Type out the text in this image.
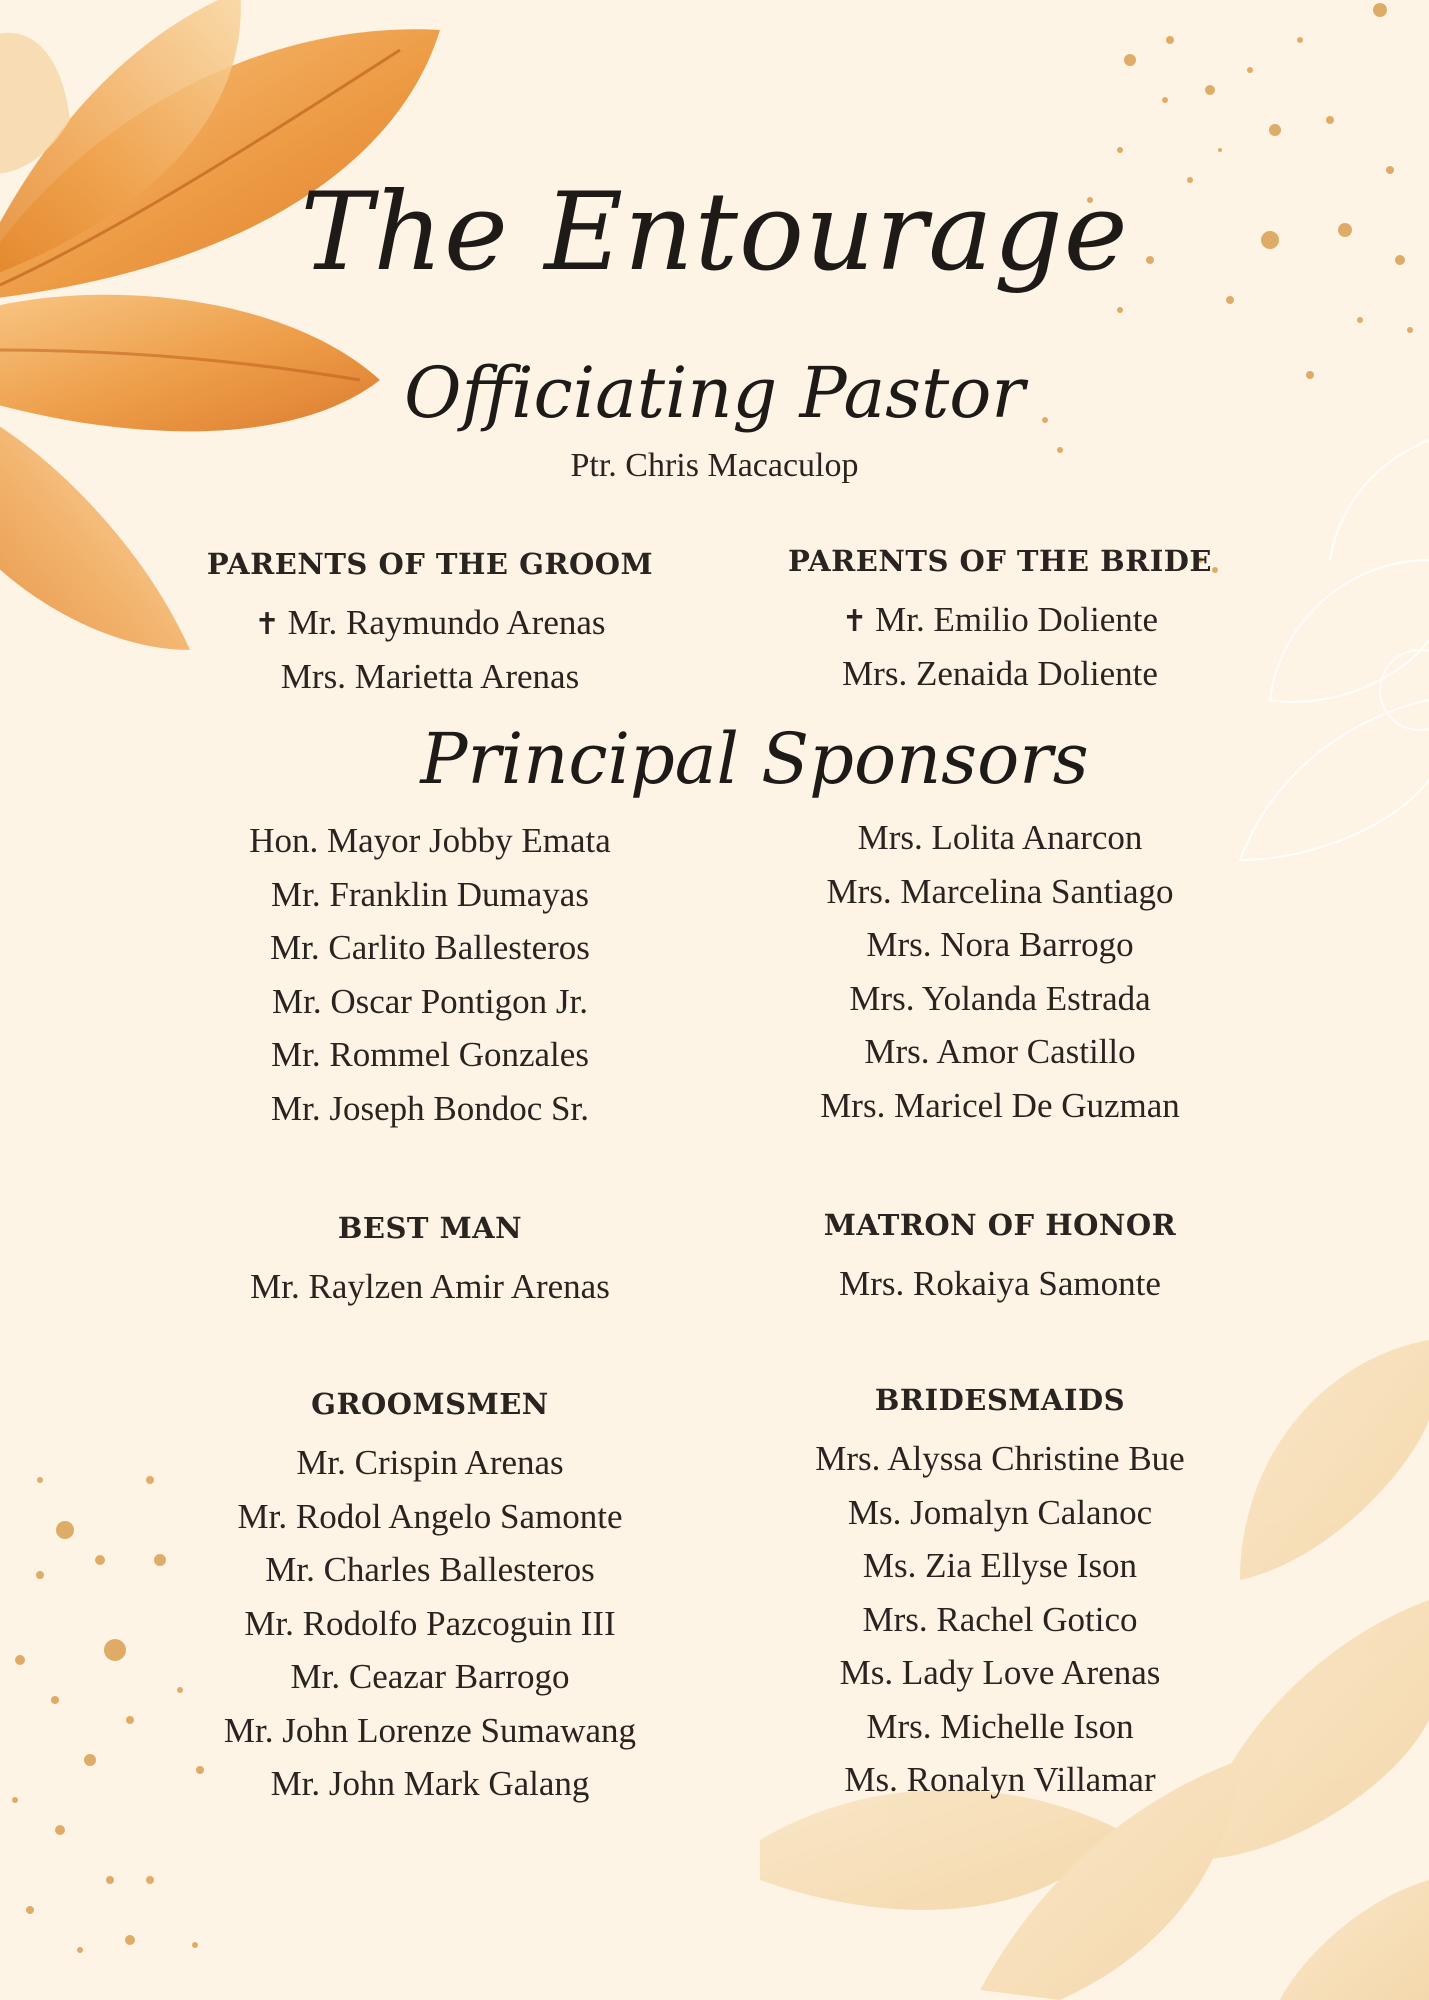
The Entourage
Officiating Pastor
Ptr. Chris Macaculop
PARENTS OF THE GROOM
✝ Mr. Raymundo Arenas
Mrs. Marietta Arenas
PARENTS OF THE BRIDE
✝ Mr. Emilio Doliente
Mrs. Zenaida Doliente
Principal Sponsors
Hon. Mayor Jobby Emata
Mr. Franklin Dumayas
Mr. Carlito Ballesteros
Mr. Oscar Pontigon Jr.
Mr. Rommel Gonzales
Mr. Joseph Bondoc Sr.
Mrs. Lolita Anarcon
Mrs. Marcelina Santiago
Mrs. Nora Barrogo
Mrs. Yolanda Estrada
Mrs. Amor Castillo
Mrs. Maricel De Guzman
BEST MAN
Mr. Raylzen Amir Arenas
MATRON OF HONOR
Mrs. Rokaiya Samonte
GROOMSMEN
Mr. Crispin Arenas
Mr. Rodol Angelo Samonte
Mr. Charles Ballesteros
Mr. Rodolfo Pazcoguin III
Mr. Ceazar Barrogo
Mr. John Lorenze Sumawang
Mr. John Mark Galang
BRIDESMAIDS
Mrs. Alyssa Christine Bue
Ms. Jomalyn Calanoc
Ms. Zia Ellyse Ison
Mrs. Rachel Gotico
Ms. Lady Love Arenas
Mrs. Michelle Ison
Ms. Ronalyn Villamar
